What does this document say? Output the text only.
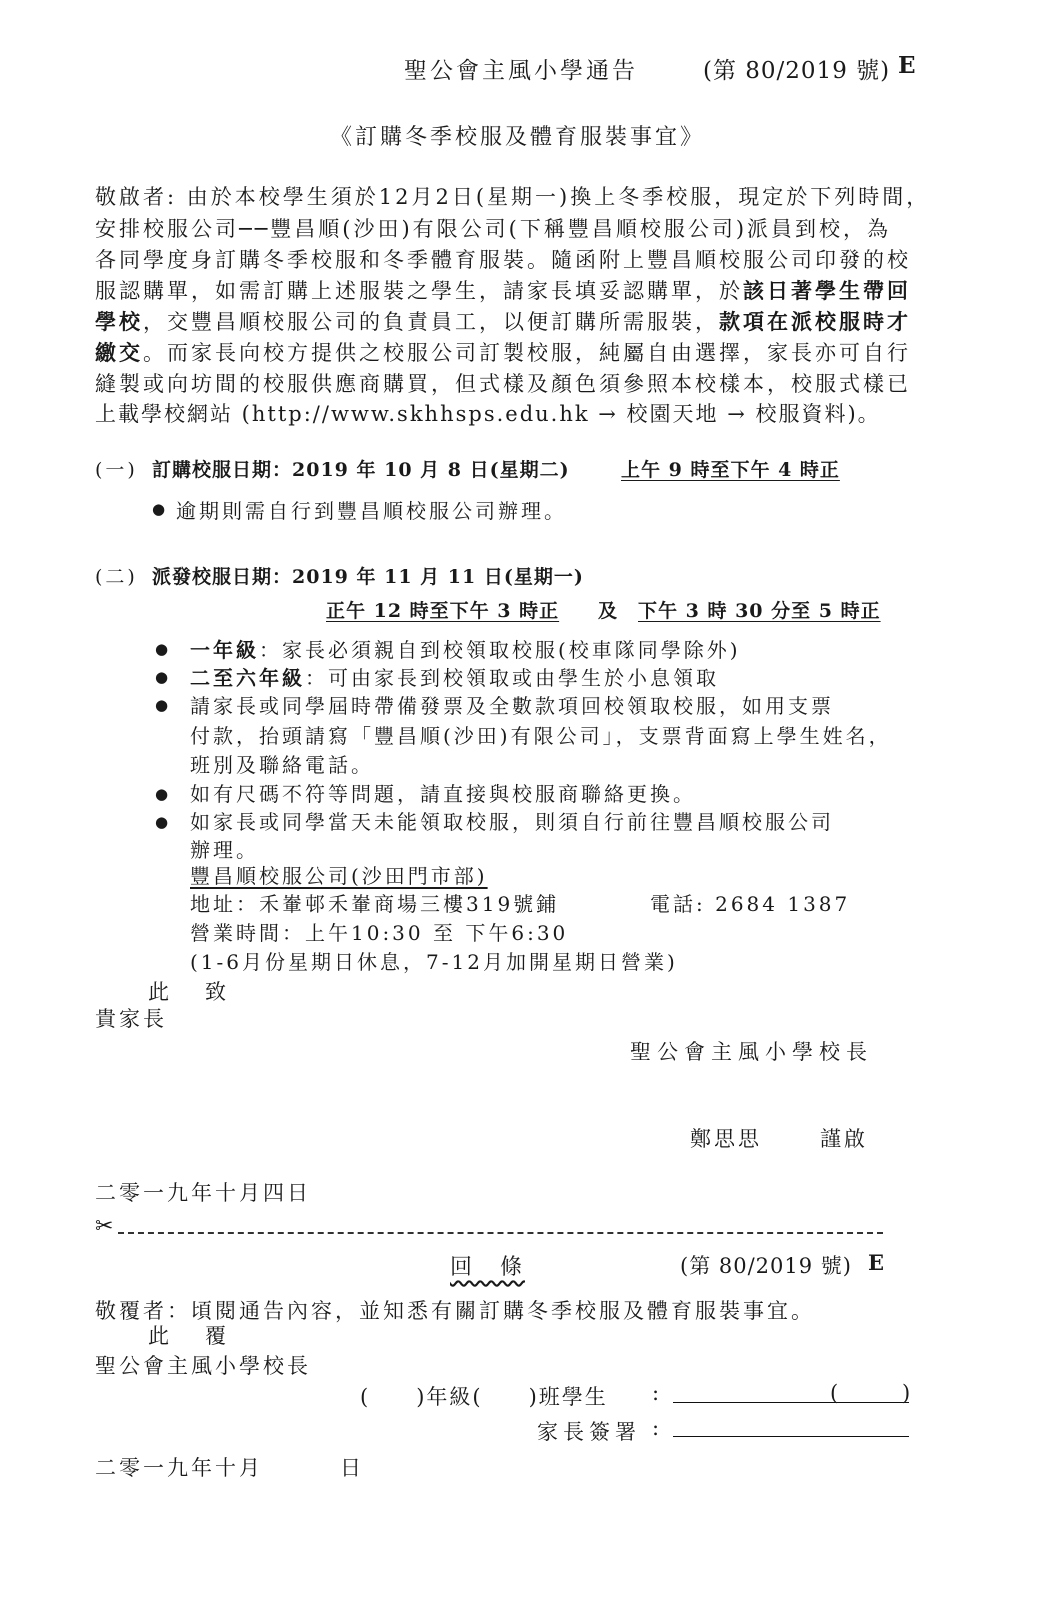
聖公會主風小學通告	(第 80/2019 號) E
《訂購冬季校服及體育服裝事宜》
敬啟者: 由於本校學生須於12月2日(星期一)換上冬季校服，現定於下列時間，
安排校服公司──豐昌順(沙田)有限公司(下稱豐昌順校服公司)派員到校，為
各同學度身訂購冬季校服和冬季體育服裝。隨函附上豐昌順校服公司印發的校
服認購單，如需訂購上述服裝之學生，請家長填妥認購單，於該日著學生帶回
學校，交豐昌順校服公司的負責員工，以便訂購所需服裝，款項在派校服時才
繳交。而家長向校方提供之校服公司訂製校服，純屬自由選擇，家長亦可自行
縫製或向坊間的校服供應商購買，但式樣及顏色須參照本校樣本，校服式樣已
上載學校網站 (http://www.skhhsps.edu.hk → 校園天地 → 校服資料)。
(一) 訂購校服日期：2019 年 10 月 8 日(星期二)	上午 9 時至下午 4 時正
● 逾期則需自行到豐昌順校服公司辦理。
(二) 派發校服日期：2019 年 11 月 11 日(星期一)
正午 12 時至下午 3 時正 及 下午 3 時 30 分至 5 時正
● 一年級：家長必須親自到校領取校服(校車隊同學除外)
● 二至六年級：可由家長到校領取或由學生於小息領取
● 請家長或同學屆時帶備發票及全數款項回校領取校服，如用支票
付款，抬頭請寫「豐昌順(沙田)有限公司」，支票背面寫上學生姓名，
班別及聯絡電話。
● 如有尺碼不符等問題，請直接與校服商聯絡更換。
● 如家長或同學當天未能領取校服，則須自行前往豐昌順校服公司
辦理。
豐昌順校服公司(沙田門市部)
地址：禾輋邨禾輋商場三樓319號鋪	電話: 2684 1387
營業時間：上午10:30 至 下午6:30
(1-6月份星期日休息，7-12月加開星期日營業)
此 致
貴家長
聖公會主風小學校長
鄭思思	謹啟
二零一九年十月四日
✂
回　條	(第 80/2019 號) E
敬覆者：頃閱通告內容，並知悉有關訂購冬季校服及體育服裝事宜。
此 覆
聖公會主風小學校長
(　　)年級(　　)班學生 :	(	)
家長簽署 :
二零一九年十月	日
